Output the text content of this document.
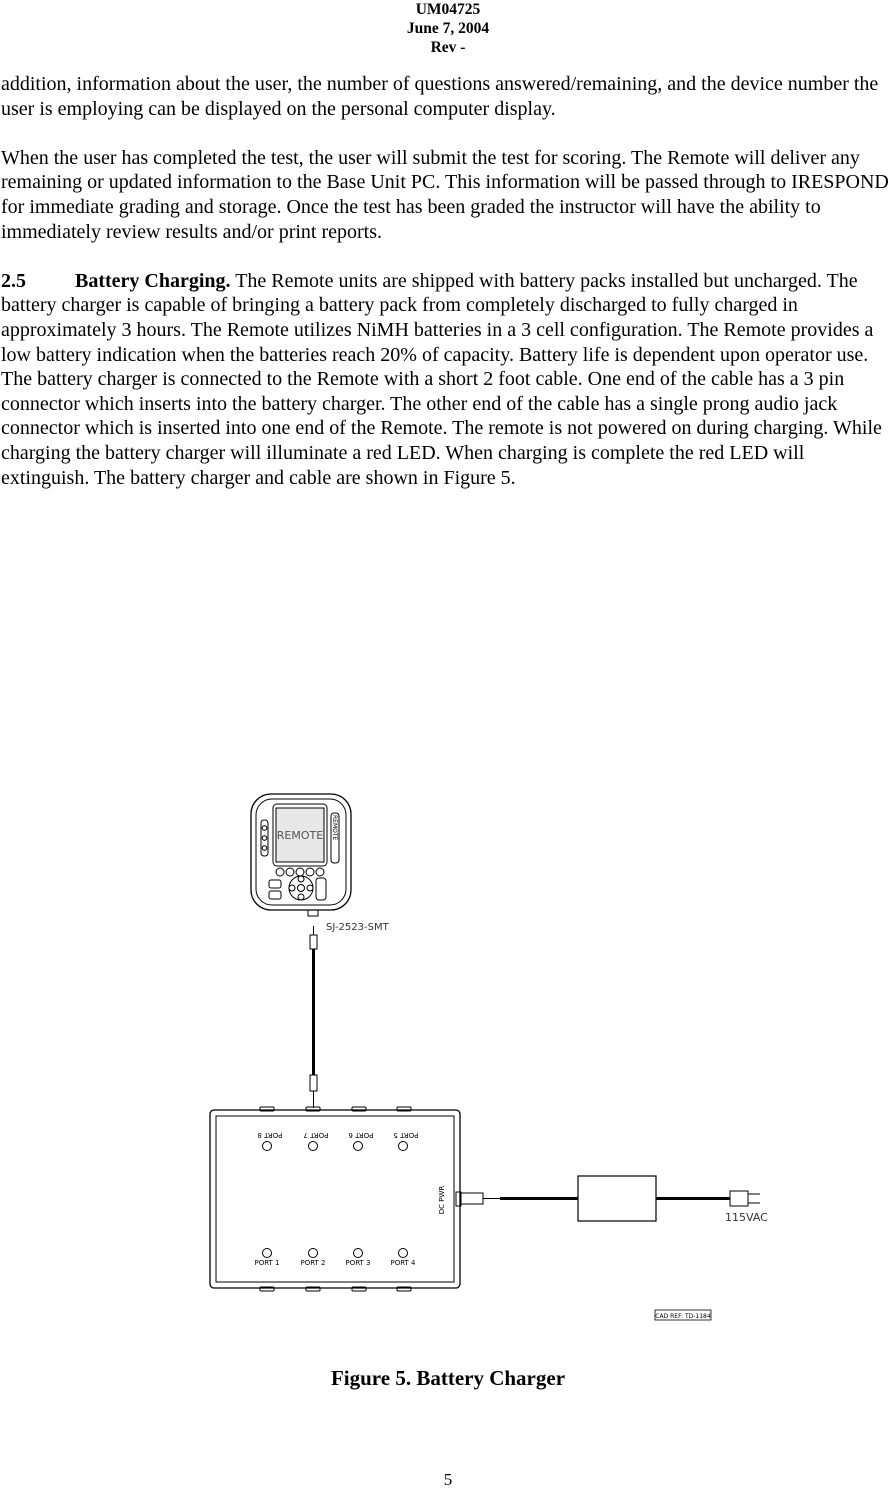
UM04725
June 7, 2004
Rev -

addition, information about the user, the number of questions answered/remaining, and the device number the user is employing can be displayed on the personal computer display.

When the user has completed the test, the user will submit the test for scoring. The Remote will deliver any remaining or updated information to the Base Unit PC. This information will be passed through to IRESPOND for immediate grading and storage. Once the test has been graded the instructor will have the ability to immediately review results and/or print reports.

2.5 Battery Charging. The Remote units are shipped with battery packs installed but uncharged. The battery charger is capable of bringing a battery pack from completely discharged to fully charged in approximately 3 hours. The Remote utilizes NiMH batteries in a 3 cell configuration. The Remote provides a low battery indication when the batteries reach 20% of capacity. Battery life is dependent upon operator use. The battery charger is connected to the Remote with a short 2 foot cable. One end of the cable has a 3 pin connector which inserts into the battery charger. The other end of the cable has a single prong audio jack connector which is inserted into one end of the Remote. The remote is not powered on during charging. While charging the battery charger will illuminate a red LED. When charging is complete the red LED will extinguish. The battery charger and cable are shown in Figure 5.

REMOTE REMOTE
SJ-2523-SMT
PORT 8	PORT 7	PORT 6	PORT 5
PORT 1	PORT 2	PORT 3	PORT 4
DC PWR
115VAC
CAD REF: TD-1184
Figure 5. Battery Charger
5
